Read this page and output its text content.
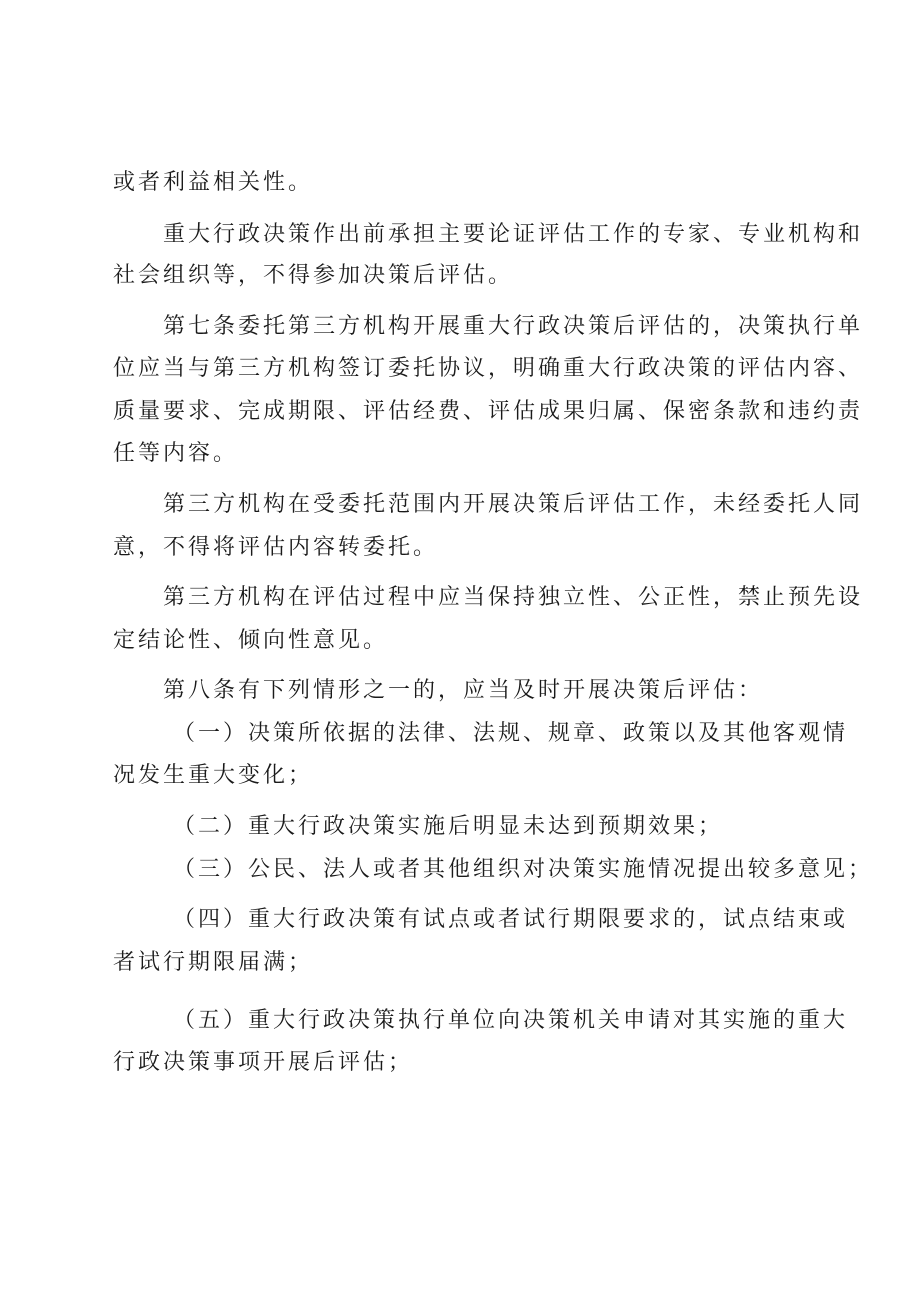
或者利益相关性。

重大行政决策作出前承担主要论证评估工作的专家、专业机构和

社会组织等，不得参加决策后评估。

第七条委托第三方机构开展重大行政决策后评估的，决策执行单

位应当与第三方机构签订委托协议，明确重大行政决策的评估内容、

质量要求、完成期限、评估经费、评估成果归属、保密条款和违约责

任等内容。

第三方机构在受委托范围内开展决策后评估工作，未经委托人同

意，不得将评估内容转委托。

第三方机构在评估过程中应当保持独立性、公正性，禁止预先设

定结论性、倾向性意见。

第八条有下列情形之一的，应当及时开展决策后评估：

（一）决策所依据的法律、法规、规章、政策以及其他客观情

况发生重大变化；

（二）重大行政决策实施后明显未达到预期效果；

（三）公民、法人或者其他组织对决策实施情况提出较多意见；

（四）重大行政决策有试点或者试行期限要求的，试点结束或

者试行期限届满；

（五）重大行政决策执行单位向决策机关申请对其实施的重大

行政决策事项开展后评估；
